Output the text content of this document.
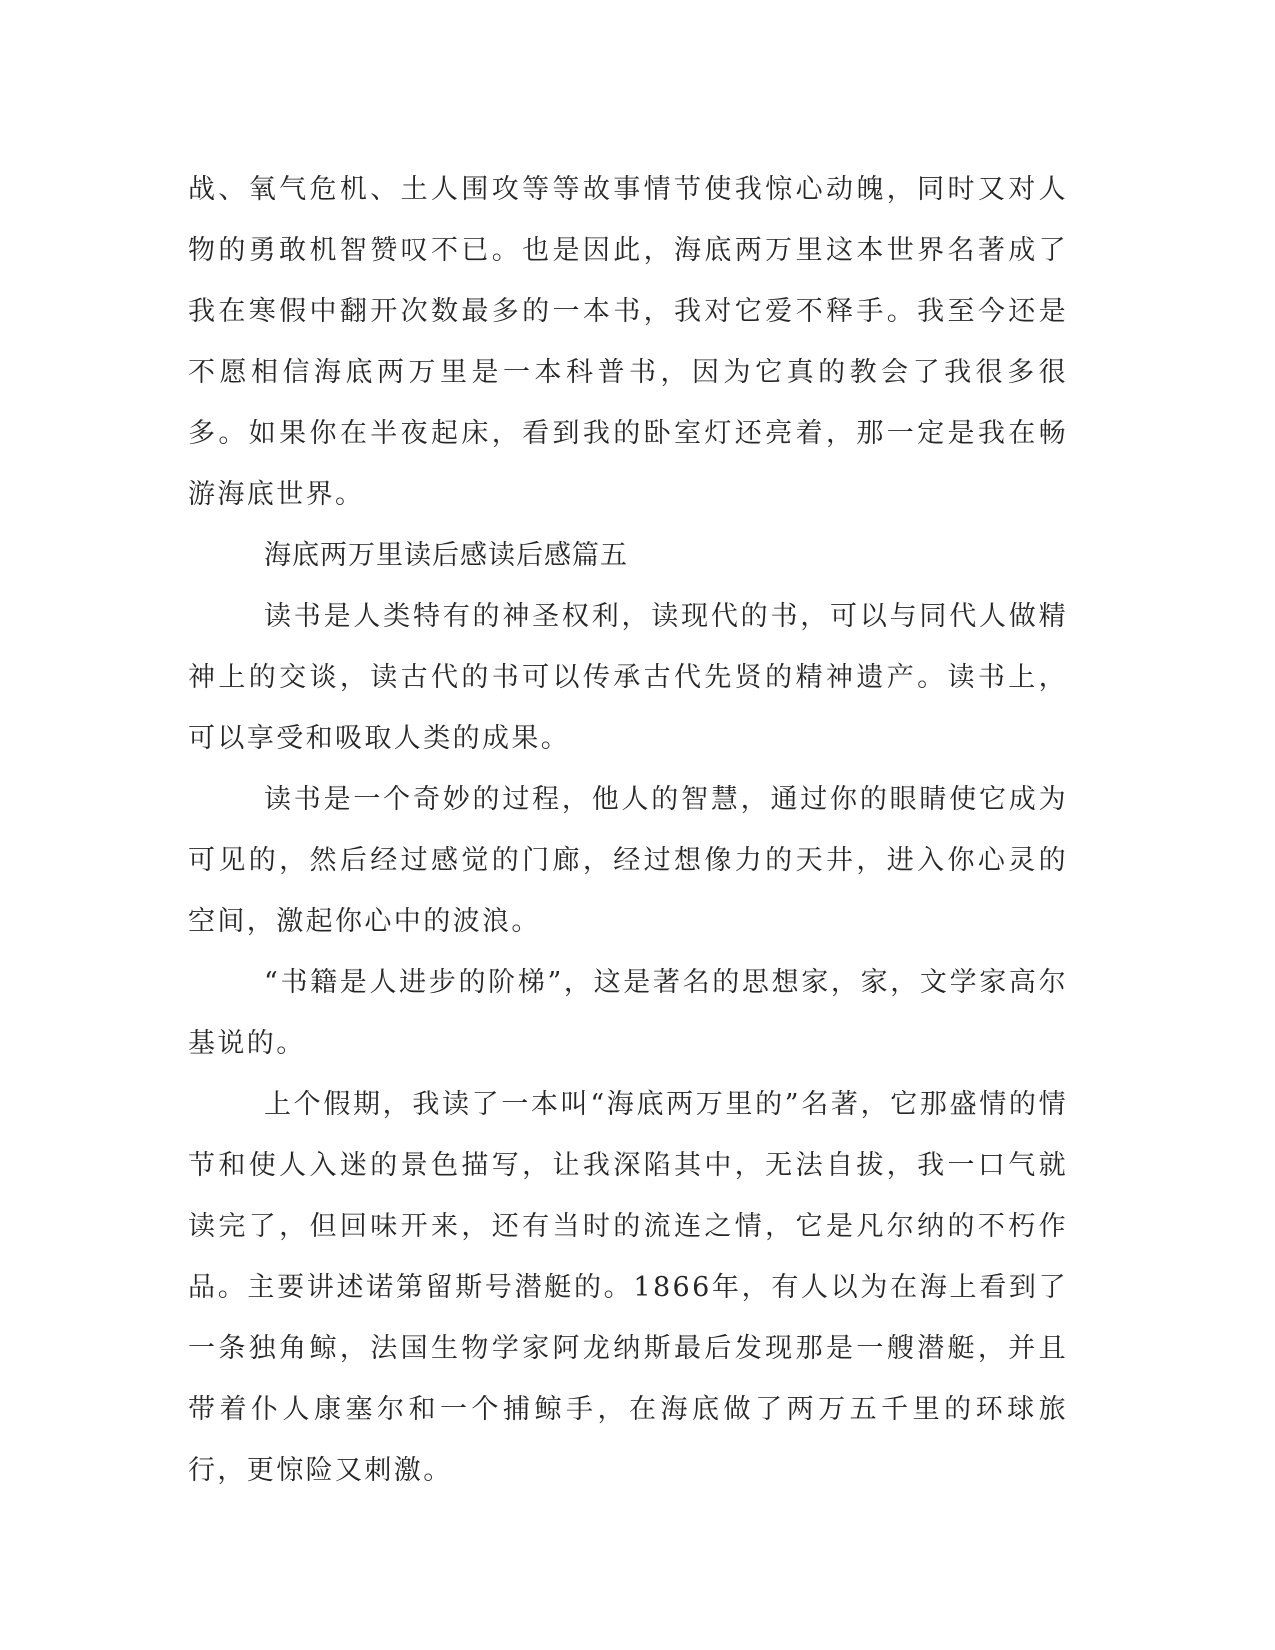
战、氧气危机、土人围攻等等故事情节使我惊心动魄，同时又对人物的勇敢机智赞叹不已。也是因此，海底两万里这本世界名著成了我在寒假中翻开次数最多的一本书，我对它爱不释手。我至今还是不愿相信海底两万里是一本科普书，因为它真的教会了我很多很多。如果你在半夜起床，看到我的卧室灯还亮着，那一定是我在畅游海底世界。

海底两万里读后感读后感篇五

读书是人类特有的神圣权利，读现代的书，可以与同代人做精神上的交谈，读古代的书可以传承古代先贤的精神遗产。读书上，可以享受和吸取人类的成果。

读书是一个奇妙的过程，他人的智慧，通过你的眼睛使它成为可见的，然后经过感觉的门廊，经过想像力的天井，进入你心灵的空间，激起你心中的波浪。

“书籍是人进步的阶梯”，这是著名的思想家，家，文学家高尔基说的。

上个假期，我读了一本叫“海底两万里的”名著，它那盛情的情节和使人入迷的景色描写，让我深陷其中，无法自拔，我一口气就读完了，但回味开来，还有当时的流连之情，它是凡尔纳的不朽作品。主要讲述诺第留斯号潜艇的。1866年，有人以为在海上看到了一条独角鲸，法国生物学家阿龙纳斯最后发现那是一艘潜艇，并且带着仆人康塞尔和一个捕鲸手，在海底做了两万五千里的环球旅行，更惊险又刺激。
